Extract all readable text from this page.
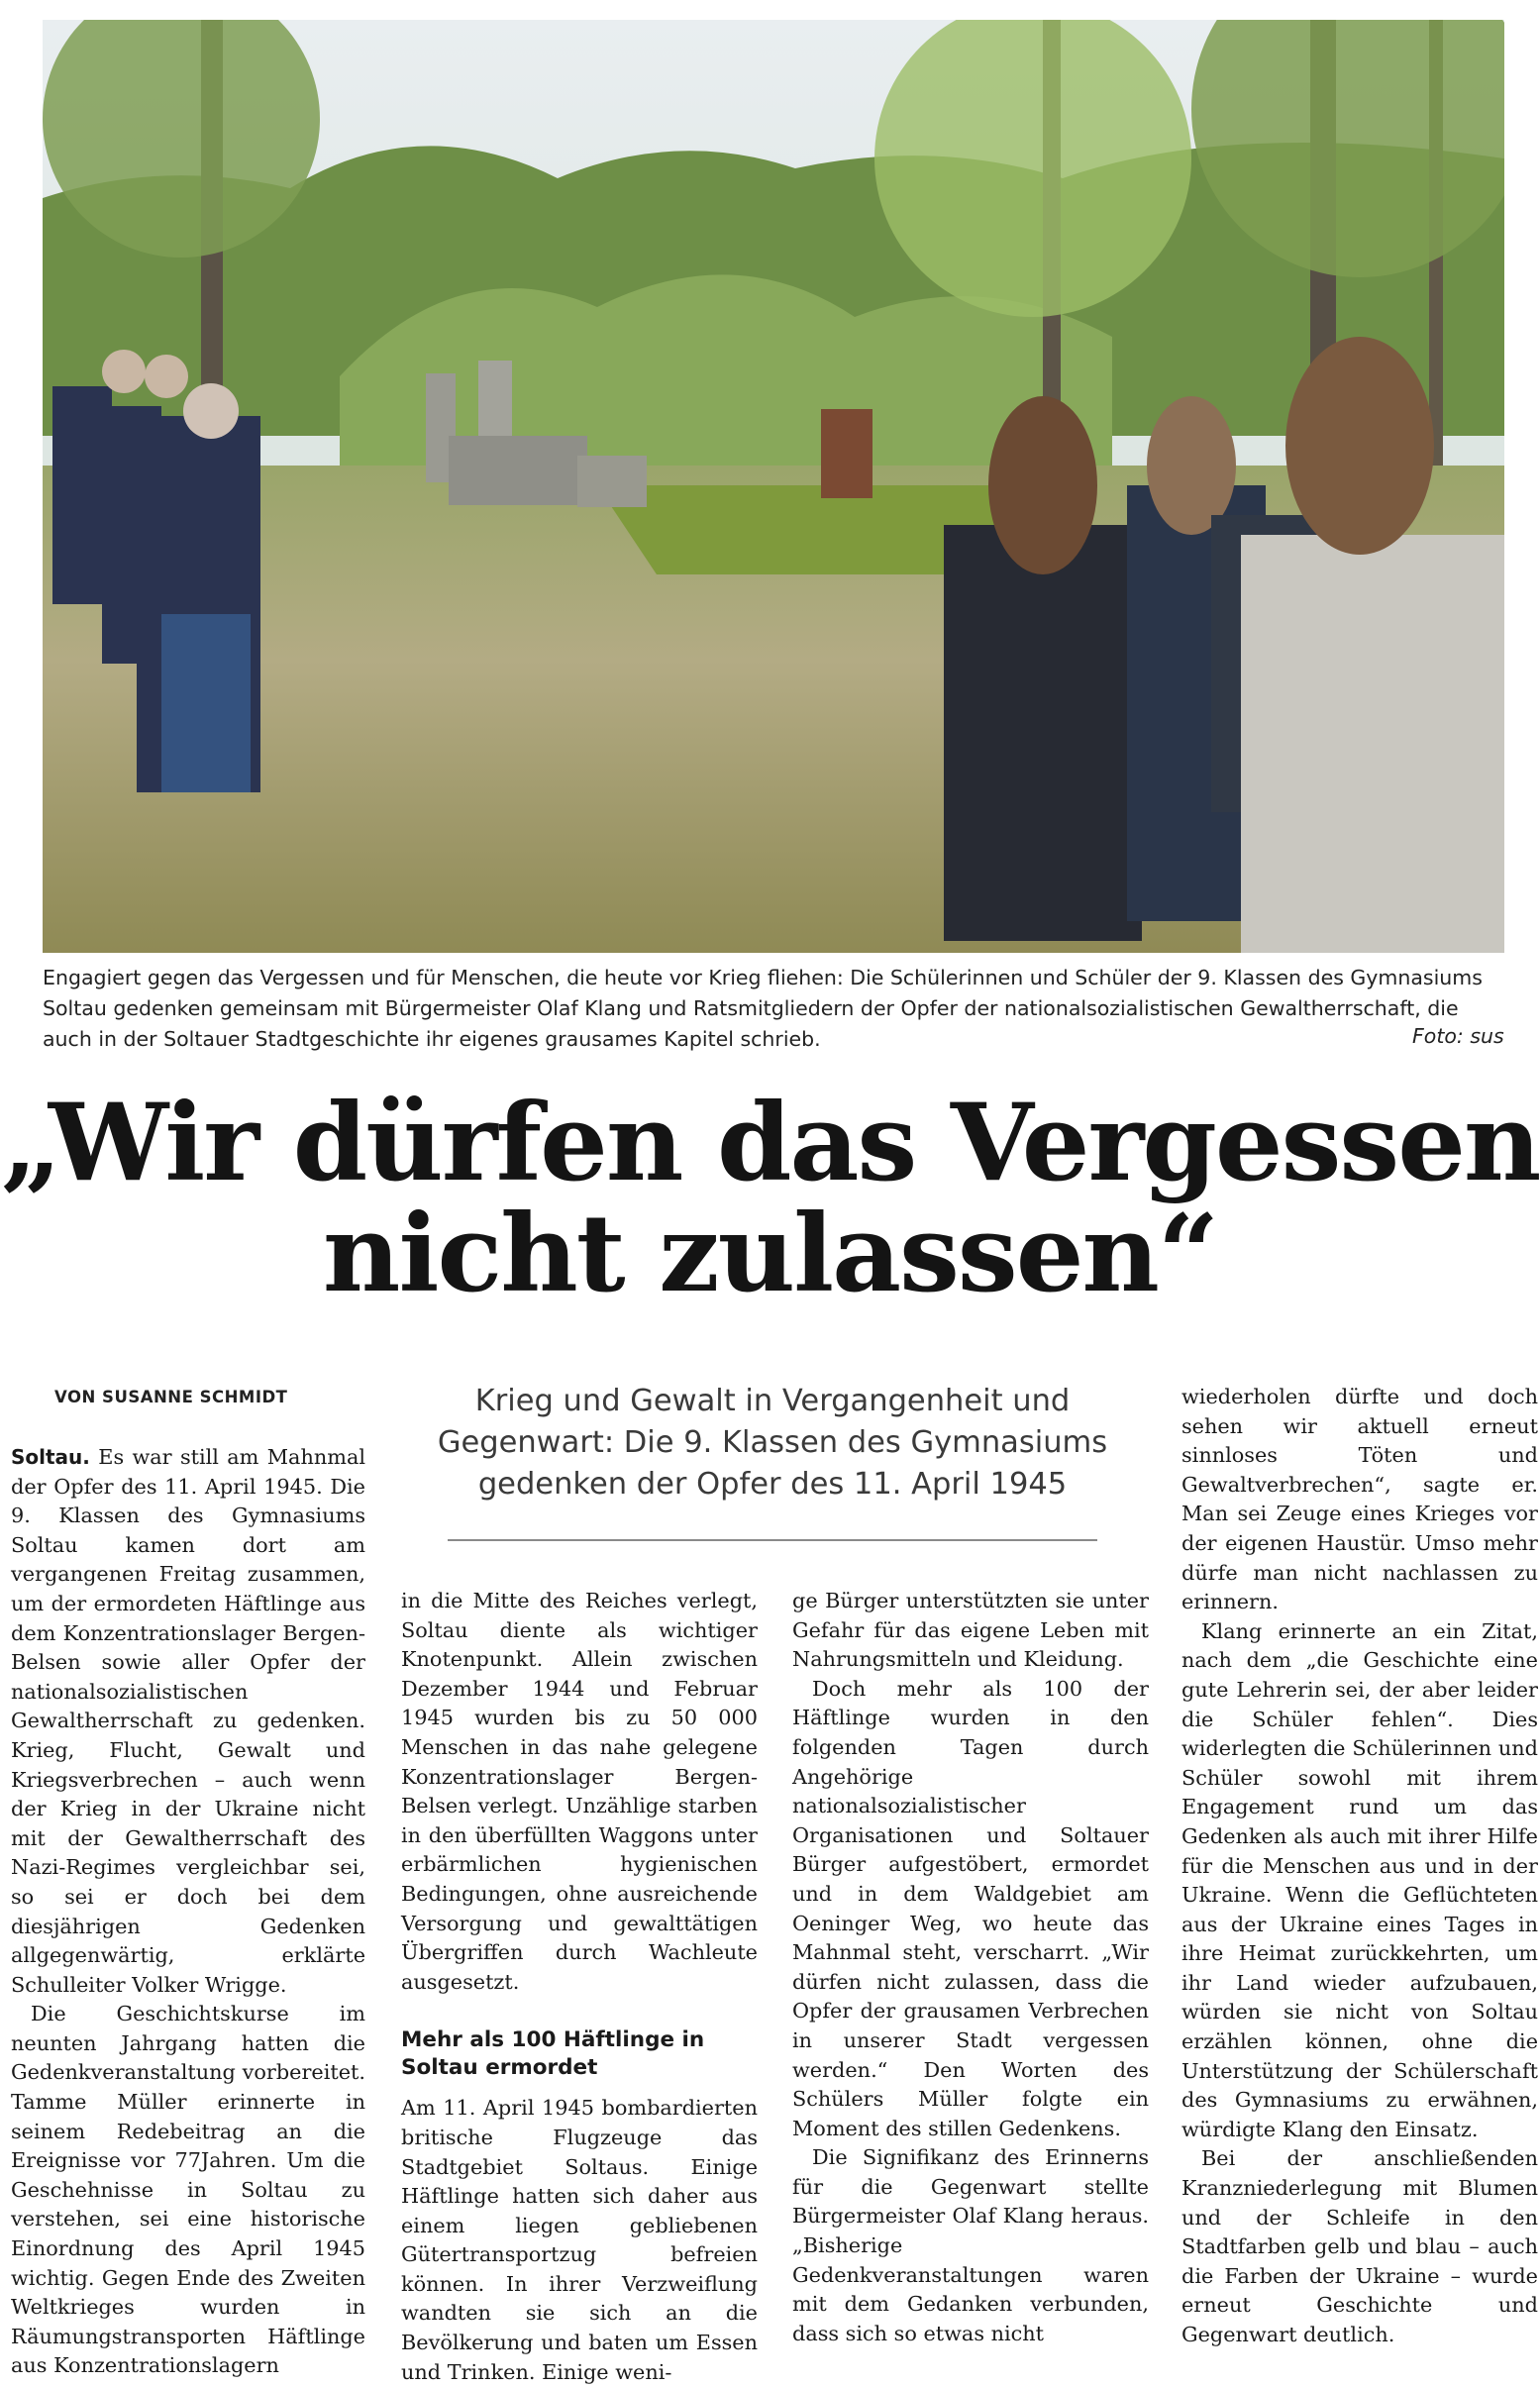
Engagiert gegen das Vergessen und für Menschen, die heute vor Krieg fliehen: Die Schülerinnen und Schüler der 9. Klassen des Gymnasiums Soltau gedenken gemeinsam mit Bürgermeister Olaf Klang und Ratsmitgliedern der Opfer der nationalsozialistischen Gewaltherrschaft, die auch in der Soltauer Stadtgeschichte ihr eigenes grausames Kapitel schrieb.	Foto: sus
„Wir dürfen das Vergessen
nicht zulassen“
VON SUSANNE SCHMIDT	Krieg und Gewalt in Vergangenheit und Gegenwart: Die 9. Klassen des Gymnasiums gedenken der Opfer des 11. April 1945

Soltau. Es war still am Mahnmal der Opfer des 11. April 1945. Die 9. Klassen des Gymnasiums Soltau kamen dort am vergangenen Freitag zusammen, um der ermordeten Häftlinge aus dem Konzentrationslager Bergen-Belsen sowie aller Opfer der nationalsozialistischen Gewaltherrschaft zu gedenken. Krieg, Flucht, Gewalt und Kriegsverbrechen – auch wenn der Krieg in der Ukraine nicht mit der Gewaltherrschaft des Nazi-Regimes vergleichbar sei, so sei er doch bei dem diesjährigen Gedenken allgegenwärtig, erklärte Schulleiter Volker Wrigge.

Die Geschichtskurse im neunten Jahrgang hatten die Gedenkveranstaltung vorbereitet. Tamme Müller erinnerte in seinem Redebeitrag an die Ereignisse vor 77Jahren. Um die Geschehnisse in Soltau zu verstehen, sei eine historische Einordnung des April 1945 wichtig. Gegen Ende des Zweiten Weltkrieges wurden in Räumungstransporten Häftlinge aus Konzentrationslagern

in die Mitte des Reiches verlegt, Soltau diente als wichtiger Knotenpunkt. Allein zwischen Dezember 1944 und Februar 1945 wurden bis zu 50 000 Menschen in das nahe gelegene Konzentrationslager Bergen-Belsen verlegt. Unzählige starben in den überfüllten Waggons unter erbärmlichen hygienischen Bedingungen, ohne ausreichende Versorgung und gewalttätigen Übergriffen durch Wachleute ausgesetzt.

Mehr als 100 Häftlinge in Soltau ermordet

Am 11. April 1945 bombardierten britische Flugzeuge das Stadtgebiet Soltaus. Einige Häftlinge hatten sich daher aus einem liegen gebliebenen Gütertransportzug befreien können. In ihrer Verzweiflung wandten sie sich an die Bevölkerung und baten um Essen und Trinken. Einige weni-

ge Bürger unterstützten sie unter Gefahr für das eigene Leben mit Nahrungsmitteln und Kleidung.

Doch mehr als 100 der Häftlinge wurden in den folgenden Tagen durch Angehörige nationalsozialistischer Organisationen und Soltauer Bürger aufgestöbert, ermordet und in dem Waldgebiet am Oeninger Weg, wo heute das Mahnmal steht, verscharrt. „Wir dürfen nicht zulassen, dass die Opfer der grausamen Verbrechen in unserer Stadt vergessen werden.“ Den Worten des Schülers Müller folgte ein Moment des stillen Gedenkens.

Die Signifikanz des Erinnerns für die Gegenwart stellte Bürgermeister Olaf Klang heraus. „Bisherige Gedenkveranstaltungen waren mit dem Gedanken verbunden, dass sich so etwas nicht

wiederholen dürfte und doch sehen wir aktuell erneut sinnloses Töten und Gewaltverbrechen“, sagte er. Man sei Zeuge eines Krieges vor der eigenen Haustür. Umso mehr dürfe man nicht nachlassen zu erinnern.

Klang erinnerte an ein Zitat, nach dem „die Geschichte eine gute Lehrerin sei, der aber leider die Schüler fehlen“. Dies widerlegten die Schülerinnen und Schüler sowohl mit ihrem Engagement rund um das Gedenken als auch mit ihrer Hilfe für die Menschen aus und in der Ukraine. Wenn die Geflüchteten aus der Ukraine eines Tages in ihre Heimat zurückkehrten, um ihr Land wieder aufzubauen, würden sie nicht von Soltau erzählen können, ohne die Unterstützung der Schülerschaft des Gymnasiums zu erwähnen, würdigte Klang den Einsatz.

Bei der anschließenden Kranzniederlegung mit Blumen und der Schleife in den Stadtfarben gelb und blau – auch die Farben der Ukraine – wurde erneut Geschichte und Gegenwart deutlich.
